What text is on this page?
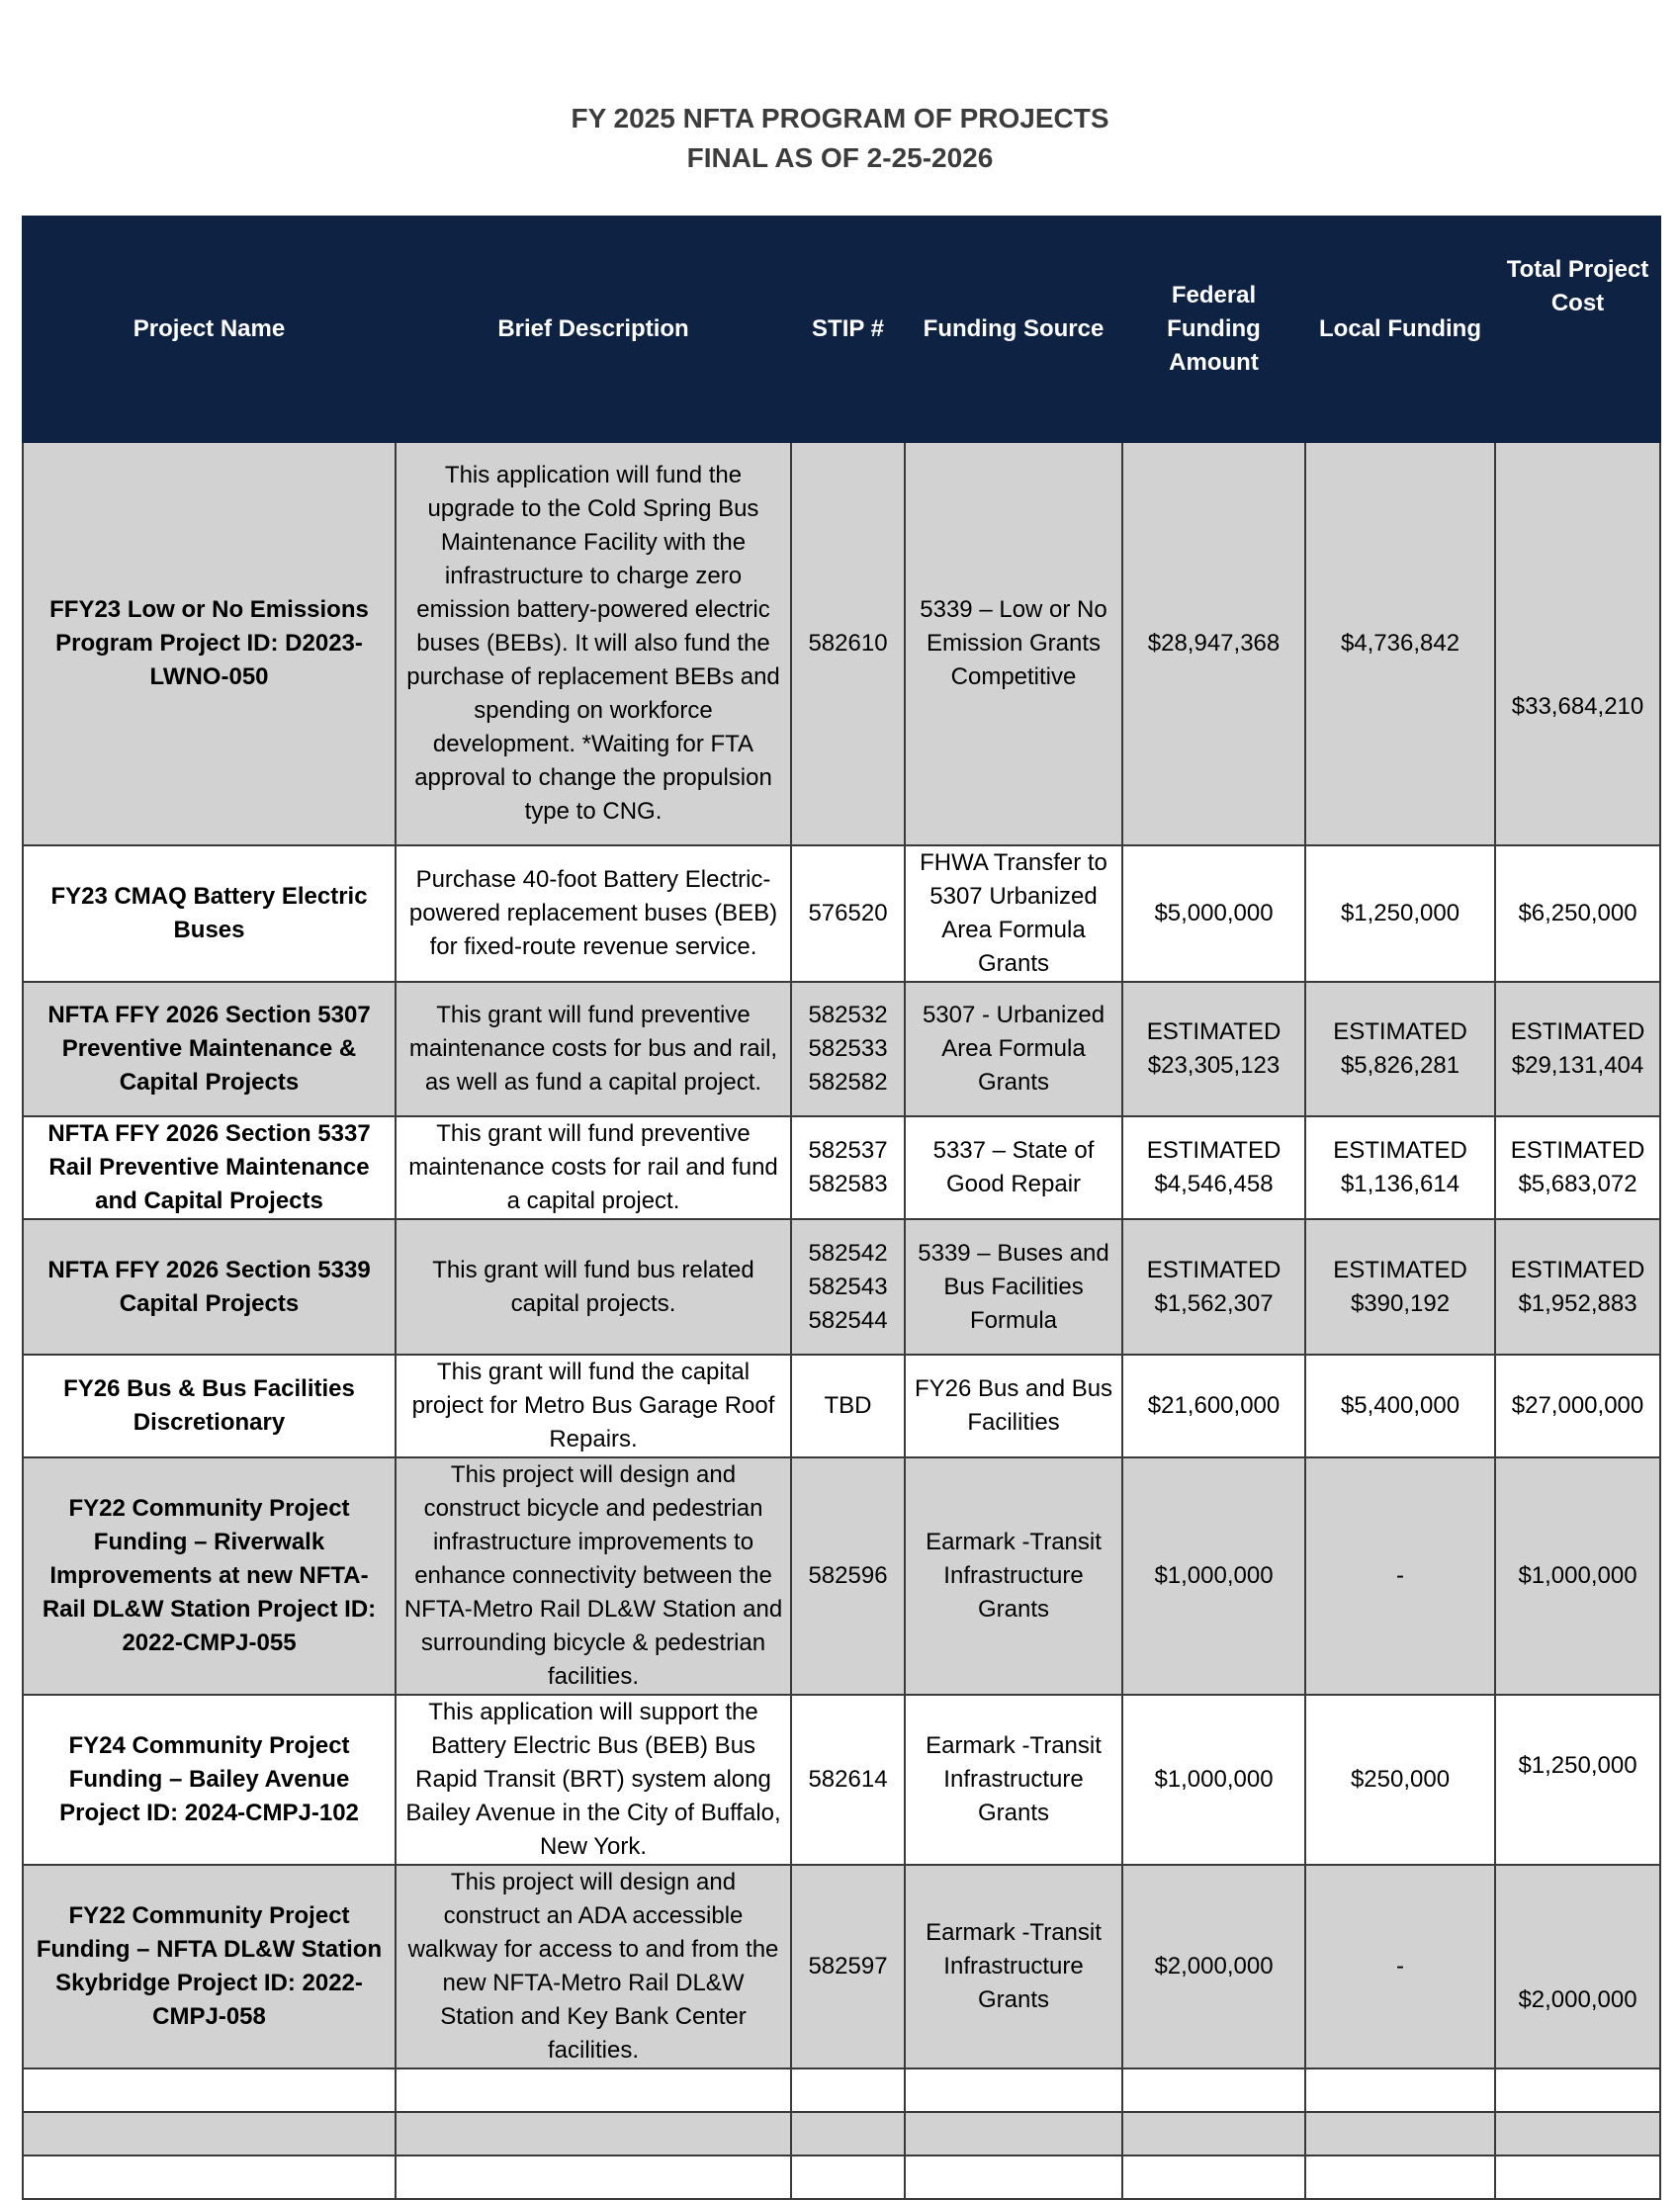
FY 2025 NFTA PROGRAM OF PROJECTS
FINAL AS OF 2-25-2026
Project Name	Brief Description	STIP #	Funding Source	Federal Funding Amount	Local Funding	Total Project Cost
FFY23 Low or No Emissions Program Project ID: D2023-LWNO-050	This application will fund the upgrade to the Cold Spring Bus Maintenance Facility with the infrastructure to charge zero emission battery-powered electric buses (BEBs). It will also fund the purchase of replacement BEBs and spending on workforce development. *Waiting for FTA approval to change the propulsion type to CNG.	582610	5339 – Low or No Emission Grants Competitive	$28,947,368	$4,736,842	$33,684,210
FY23 CMAQ Battery Electric Buses	Purchase 40-foot Battery Electric-powered replacement buses (BEB) for fixed-route revenue service.	576520	FHWA Transfer to 5307 Urbanized Area Formula Grants	$5,000,000	$1,250,000	$6,250,000
NFTA FFY 2026 Section 5307 Preventive Maintenance & Capital Projects	This grant will fund preventive maintenance costs for bus and rail, as well as fund a capital project.	582532 582533 582582	5307 - Urbanized Area Formula Grants	ESTIMATED $23,305,123	ESTIMATED $5,826,281	ESTIMATED $29,131,404
NFTA FFY 2026 Section 5337 Rail Preventive Maintenance and Capital Projects	This grant will fund preventive maintenance costs for rail and fund a capital project.	582537 582583	5337 – State of Good Repair	ESTIMATED $4,546,458	ESTIMATED $1,136,614	ESTIMATED $5,683,072
NFTA FFY 2026 Section 5339 Capital Projects	This grant will fund bus related capital projects.	582542 582543 582544	5339 – Buses and Bus Facilities Formula	ESTIMATED $1,562,307	ESTIMATED $390,192	ESTIMATED $1,952,883
FY26 Bus & Bus Facilities Discretionary	This grant will fund the capital project for Metro Bus Garage Roof Repairs.	TBD	FY26 Bus and Bus Facilities	$21,600,000	$5,400,000	$27,000,000
FY22 Community Project Funding – Riverwalk Improvements at new NFTA-Rail DL&W Station Project ID: 2022-CMPJ-055	This project will design and construct bicycle and pedestrian infrastructure improvements to enhance connectivity between the NFTA-Metro Rail DL&W Station and surrounding bicycle & pedestrian facilities.	582596	Earmark -Transit Infrastructure Grants	$1,000,000	-	$1,000,000
FY24 Community Project Funding – Bailey Avenue Project ID: 2024-CMPJ-102	This application will support the Battery Electric Bus (BEB) Bus Rapid Transit (BRT) system along Bailey Avenue in the City of Buffalo, New York.	582614	Earmark -Transit Infrastructure Grants	$1,000,000	$250,000	$1,250,000
FY22 Community Project Funding – NFTA DL&W Station Skybridge Project ID: 2022-CMPJ-058	This project will design and construct an ADA accessible walkway for access to and from the new NFTA-Metro Rail DL&W Station and Key Bank Center facilities.	582597	Earmark -Transit Infrastructure Grants	$2,000,000	-	$2,000,000
